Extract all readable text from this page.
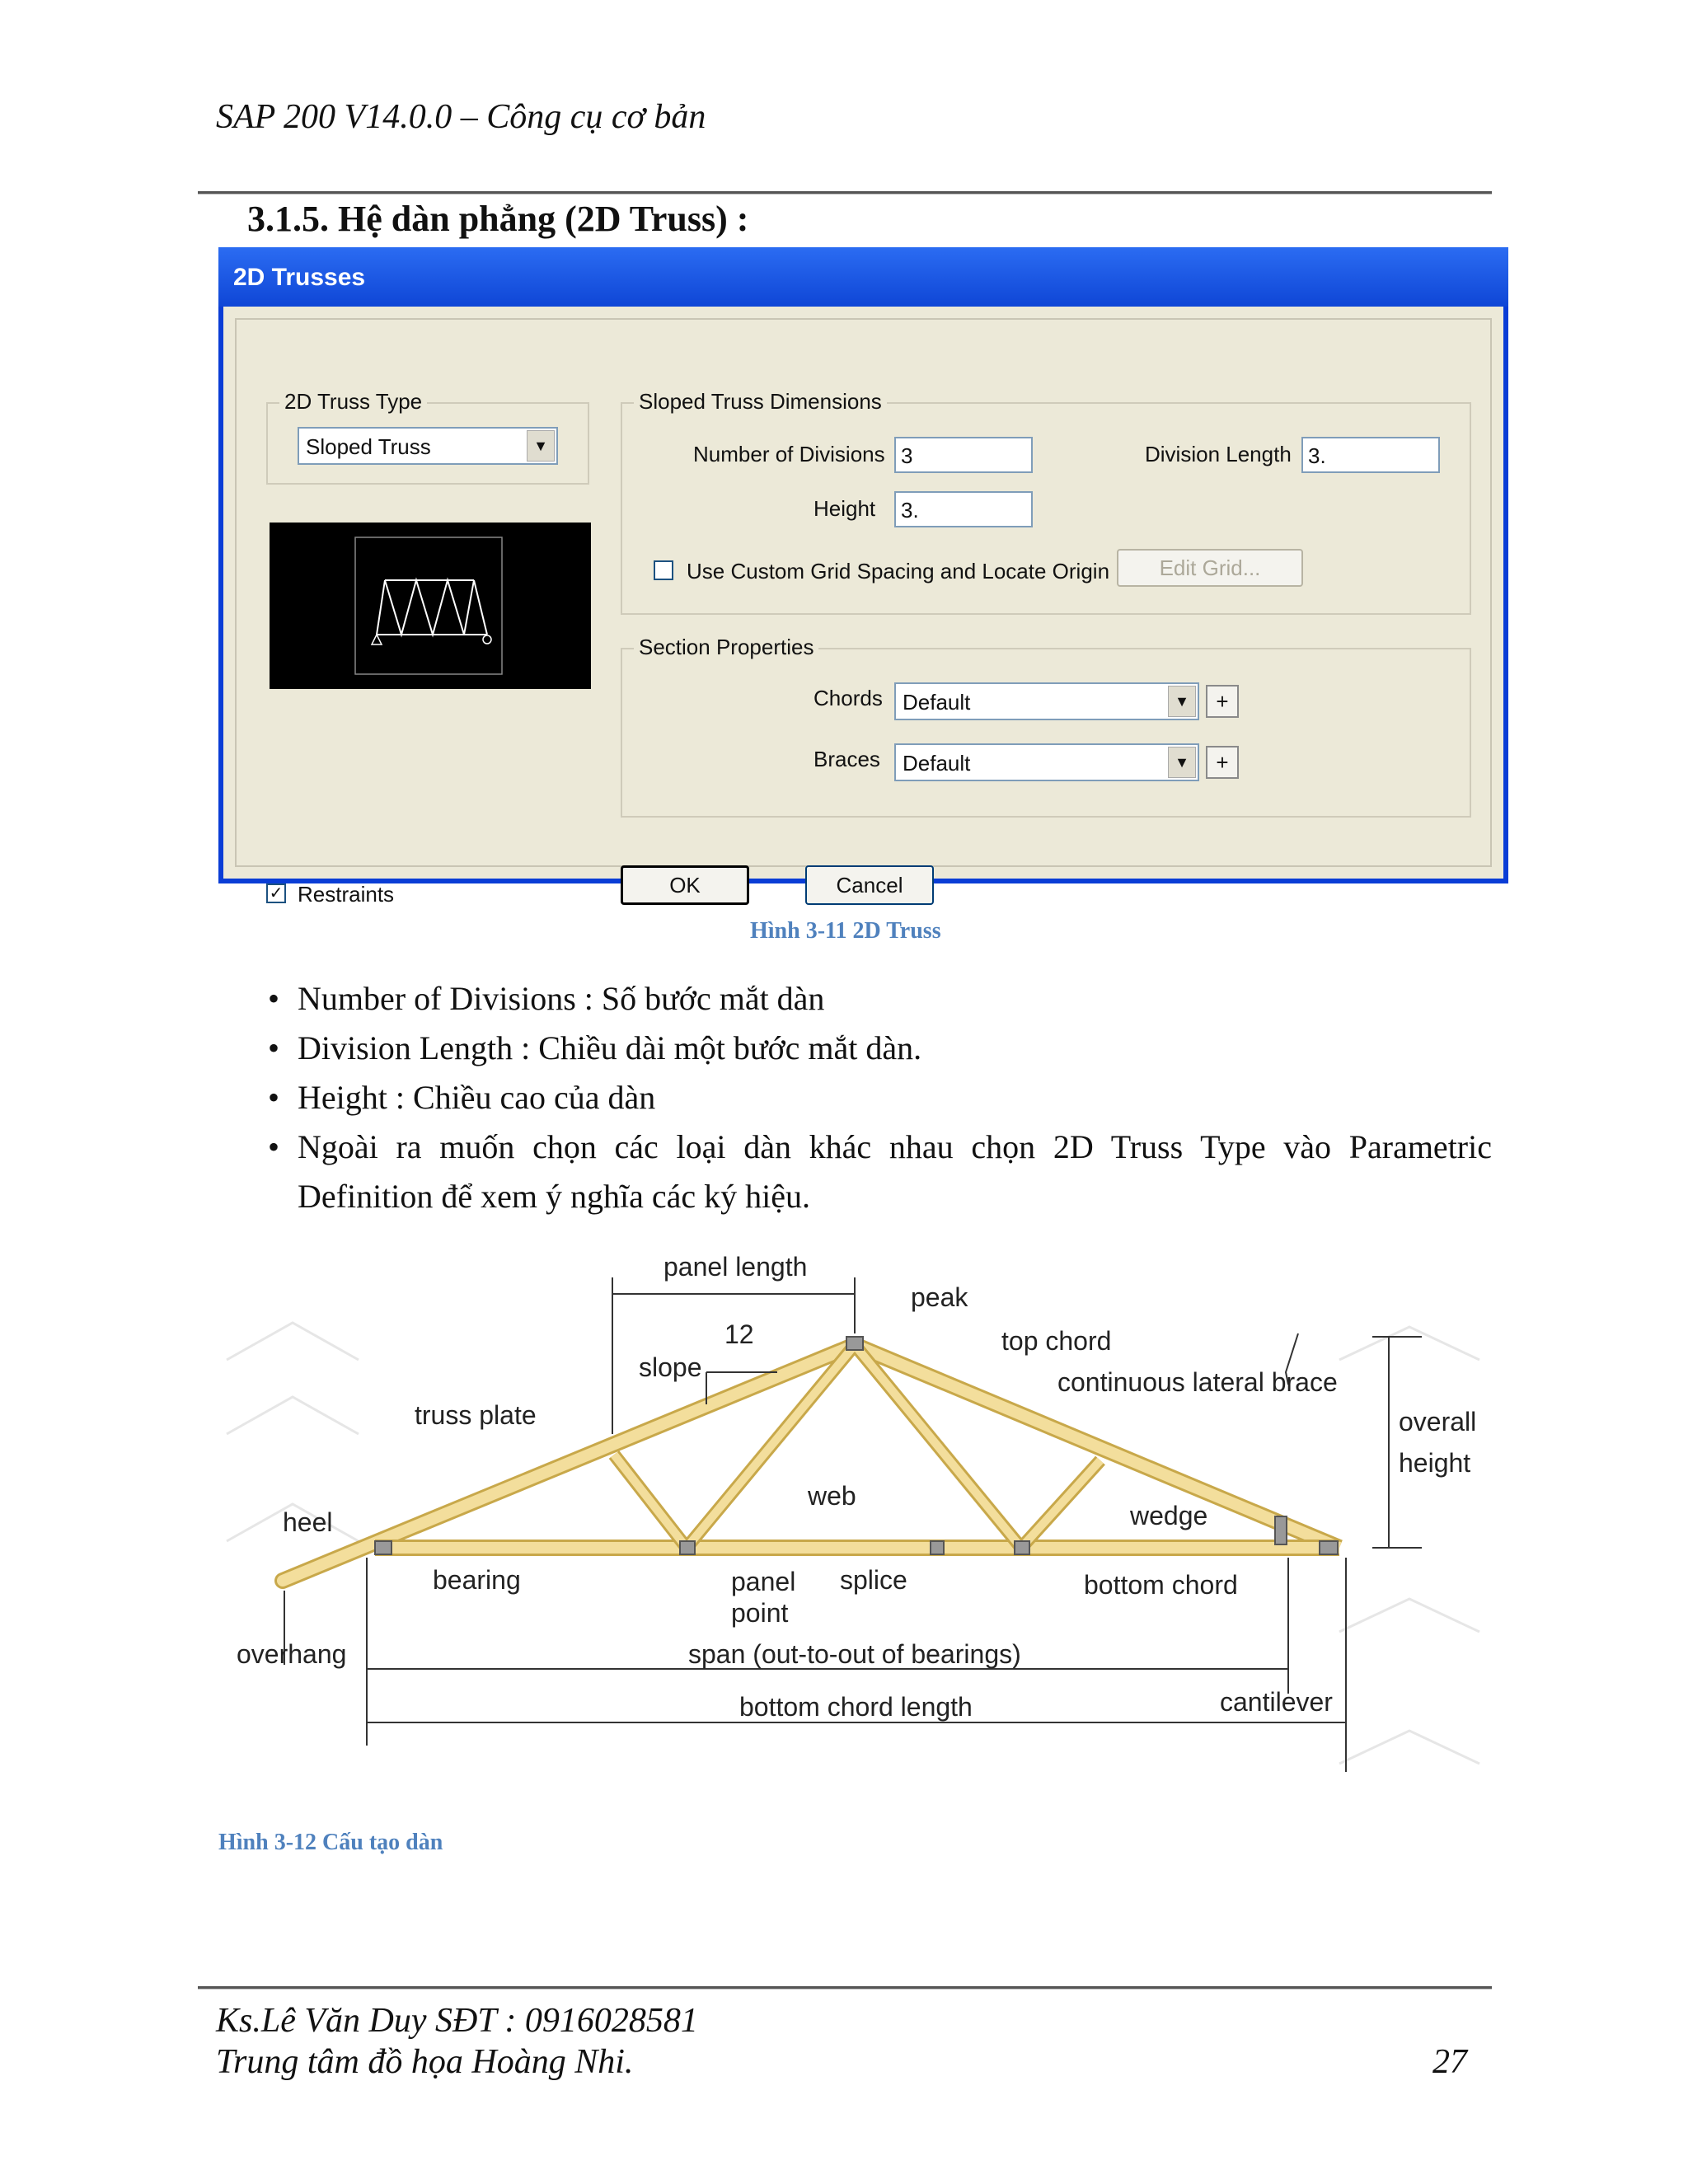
SAP 200 V14.0.0 – Công cụ cơ bản
3.1.5. Hệ dàn phẳng (2D Truss) :
2D Trusses
2D Truss Type
Sloped Truss	▼
Sloped Truss Dimensions
Number of Divisions 3	Division Length 3.
Height	3.
Use Custom Grid Spacing and Locate Origin	Edit Grid...
Section Properties
Chords Default	▼	+
Braces Default	▼	+
✓ Restraints	OK	Cancel
Hình 3-11 2D Truss
• Number of Divisions : Số bước mắt dàn
• Division Length : Chiều dài một bước mắt dàn.
• Height : Chiều cao của dàn
• Ngoài ra muốn chọn các loại dàn khác nhau chọn 2D Truss Type vào Parametric Definition để xem ý nghĩa các ký hiệu.
panel length
peak
12
slope
top chord
continuous lateral brace
truss plate	overall
height
web
heel	wedge
bearing	panel
point
splice	bottom chord
overhang	span (out-to-out of bearings)
cantilever
bottom chord length
Hình 3-12 Cấu tạo dàn
Ks.Lê Văn Duy SĐT : 0916028581
Trung tâm đồ họa Hoàng Nhi.	27
